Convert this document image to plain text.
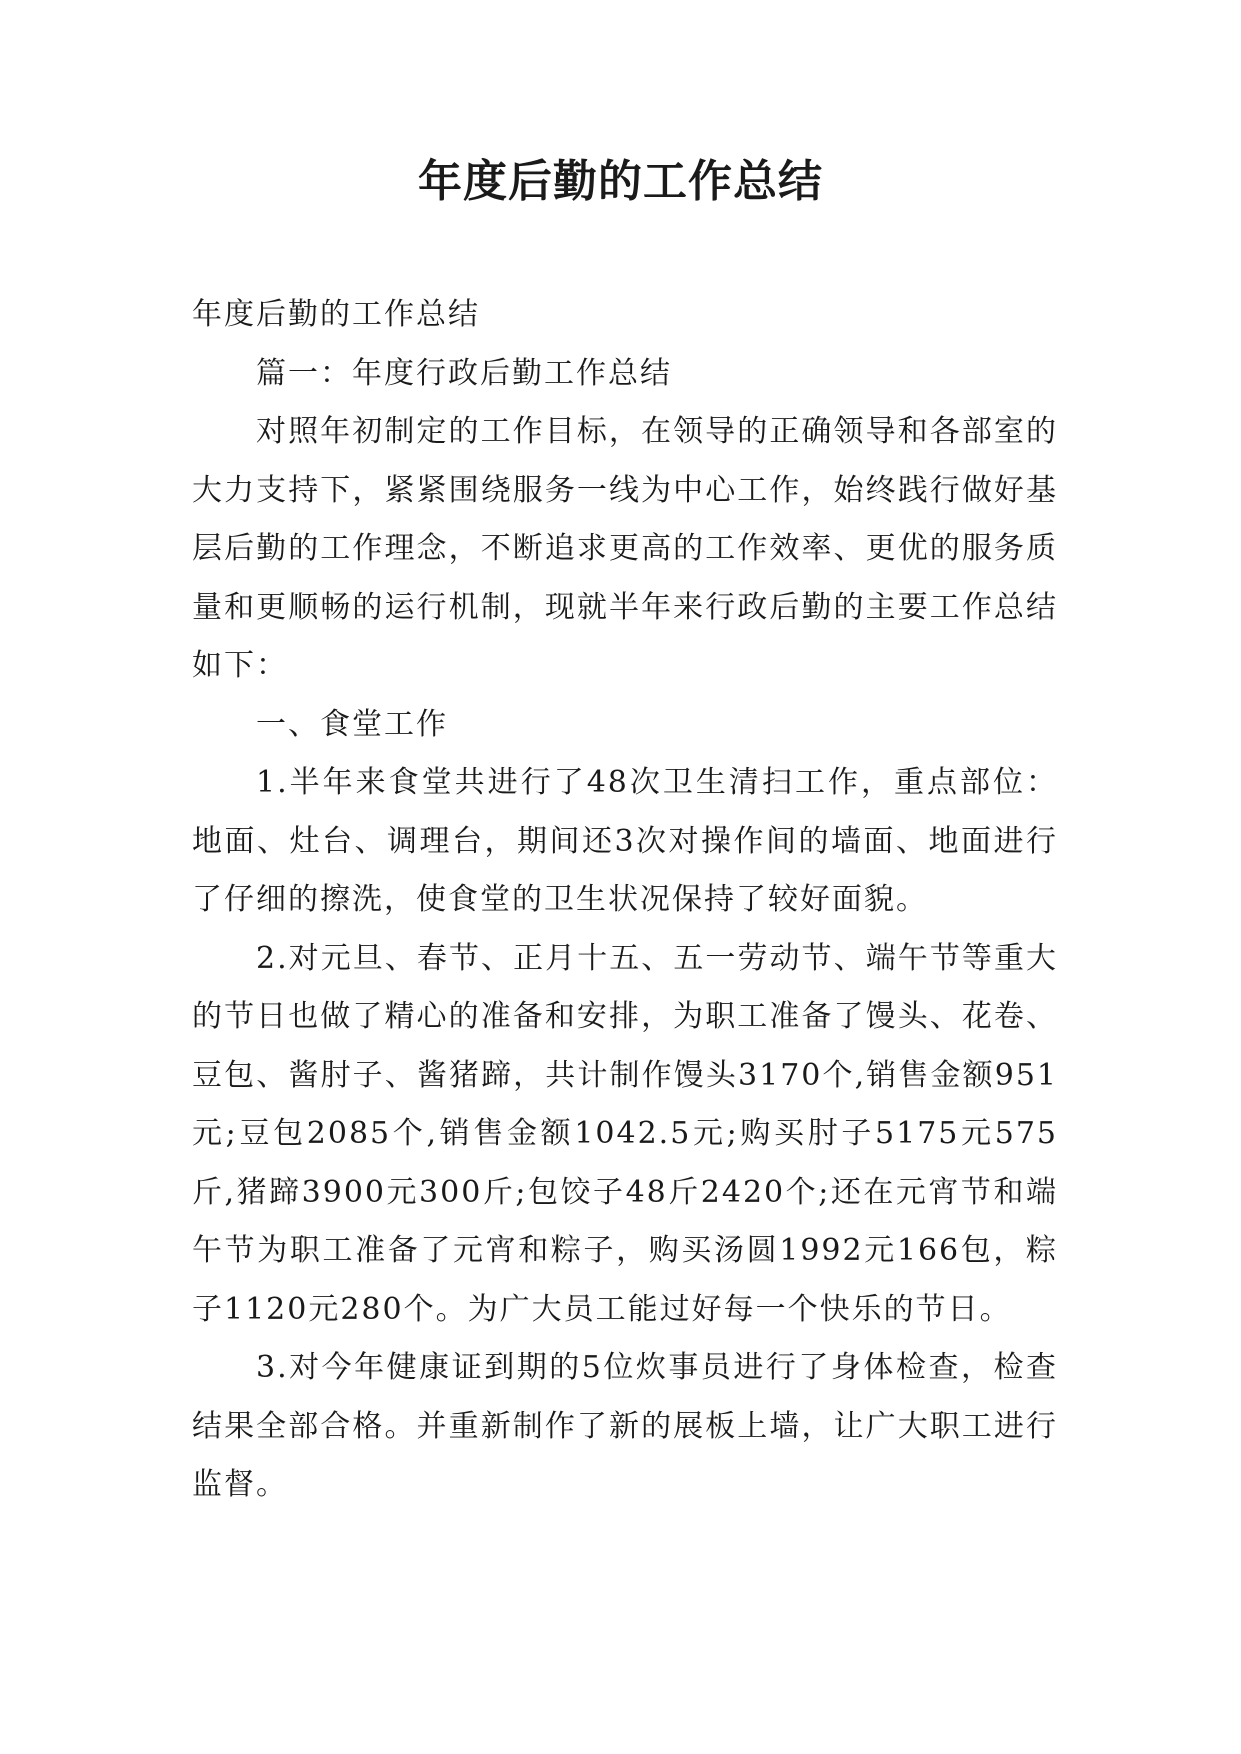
年度后勤的工作总结

年度后勤的工作总结

篇一：年度行政后勤工作总结

对照年初制定的工作目标，在领导的正确领导和各部室的大力支持下，紧紧围绕服务一线为中心工作，始终践行做好基层后勤的工作理念，不断追求更高的工作效率、更优的服务质量和更顺畅的运行机制，现就半年来行政后勤的主要工作总结如下：

一、食堂工作

1.半年来食堂共进行了48次卫生清扫工作，重点部位：地面、灶台、调理台，期间还3次对操作间的墙面、地面进行了仔细的擦洗，使食堂的卫生状况保持了较好面貌。

2.对元旦、春节、正月十五、五一劳动节、端午节等重大的节日也做了精心的准备和安排，为职工准备了馒头、花卷、豆包、酱肘子、酱猪蹄，共计制作馒头3170个,销售金额951元;豆包2085个,销售金额1042.5元;购买肘子5175元575斤,猪蹄3900元300斤;包饺子48斤2420个;还在元宵节和端午节为职工准备了元宵和粽子，购买汤圆1992元166包，粽子1120元280个。为广大员工能过好每一个快乐的节日。

3.对今年健康证到期的5位炊事员进行了身体检查，检查结果全部合格。并重新制作了新的展板上墙，让广大职工进行监督。
